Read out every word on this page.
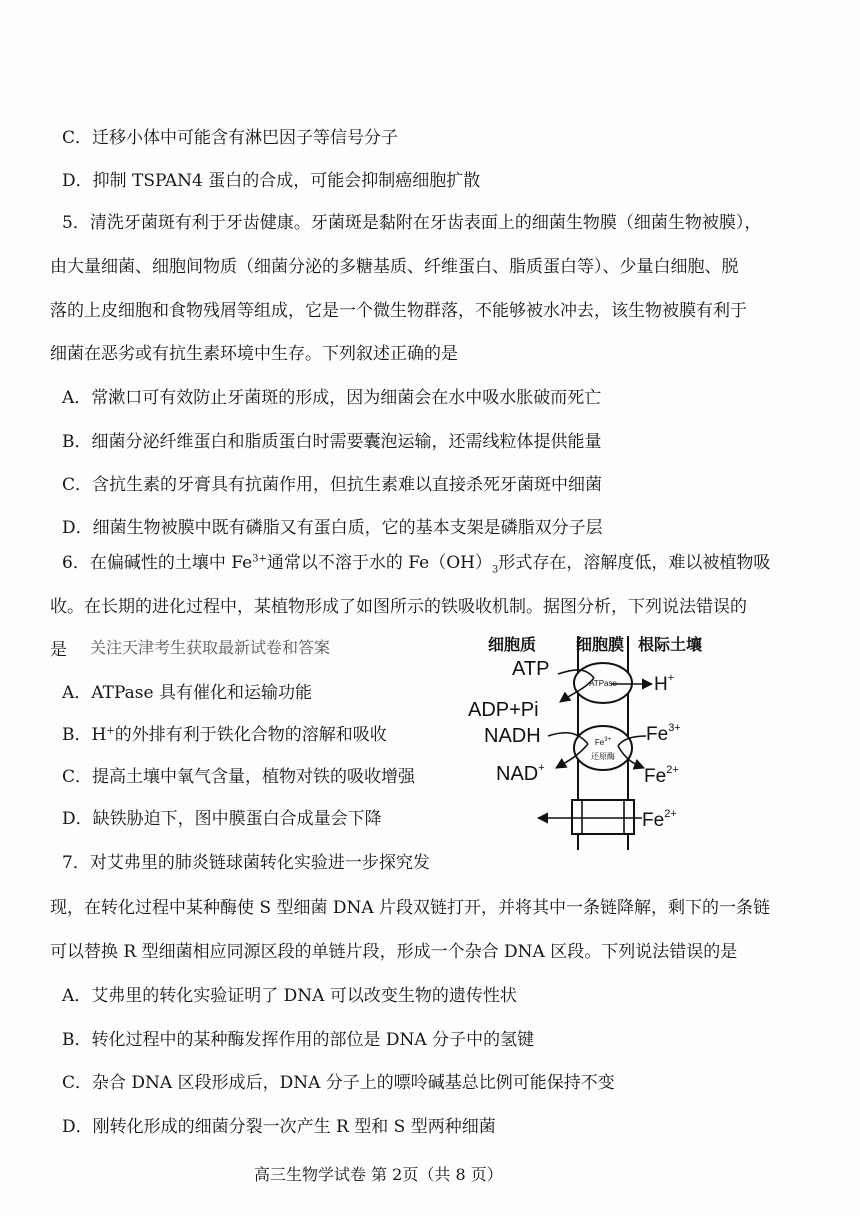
C．迁移小体中可能含有淋巴因子等信号分子
D．抑制 TSPAN4 蛋白的合成，可能会抑制癌细胞扩散
5．清洗牙菌斑有利于牙齿健康。牙菌斑是黏附在牙齿表面上的细菌生物膜（细菌生物被膜），
由大量细菌、细胞间物质（细菌分泌的多糖基质、纤维蛋白、脂质蛋白等）、少量白细胞、脱
落的上皮细胞和食物残屑等组成，它是一个微生物群落，不能够被水冲去，该生物被膜有利于
细菌在恶劣或有抗生素环境中生存。下列叙述正确的是
A．常漱口可有效防止牙菌斑的形成，因为细菌会在水中吸水胀破而死亡
B．细菌分泌纤维蛋白和脂质蛋白时需要囊泡运输，还需线粒体提供能量
C．含抗生素的牙膏具有抗菌作用，但抗生素难以直接杀死牙菌斑中细菌
D．细菌生物被膜中既有磷脂又有蛋白质，它的基本支架是磷脂双分子层
6．在偏碱性的土壤中 $Fe^{3+}$通常以不溶于水的 $Fe(OH)_3$形式存在，溶解度低，难以被植物吸
收。在长期的进化过程中，某植物形成了如图所示的铁吸收机制。据图分析，下列说法错误的
是 关注天津考生获取最新试卷和答案
A．ATPase 具有催化和运输功能
B．H+的外排有利于铁化合物的溶解和吸收
C．提高土壤中氧气含量，植物对铁的吸收增强
D．缺铁胁迫下，图中膜蛋白合成量会下降
细胞质 细胞膜 根际土壤
ATPase
ATP
ADP+Pi
H+
$Fe^{3+}$
还原酶
NADH
NAD+
$Fe^{3+}$
$Fe^{2+}$
$Fe^{2+}$
7．对艾弗里的肺炎链球菌转化实验进一步探究发
现，在转化过程中某种酶使 S 型细菌 DNA 片段双链打开，并将其中一条链降解，剩下的一条链
可以替换 R 型细菌相应同源区段的单链片段，形成一个杂合 DNA 区段。下列说法错误的是
A．艾弗里的转化实验证明了 DNA 可以改变生物的遗传性状
B．转化过程中的某种酶发挥作用的部位是 DNA 分子中的氢键
C．杂合 DNA 区段形成后，DNA 分子上的嘌呤碱基总比例可能保持不变
D．刚转化形成的细菌分裂一次产生 R 型和 S 型两种细菌
高三生物学试卷 第 2页（共 8 页）
